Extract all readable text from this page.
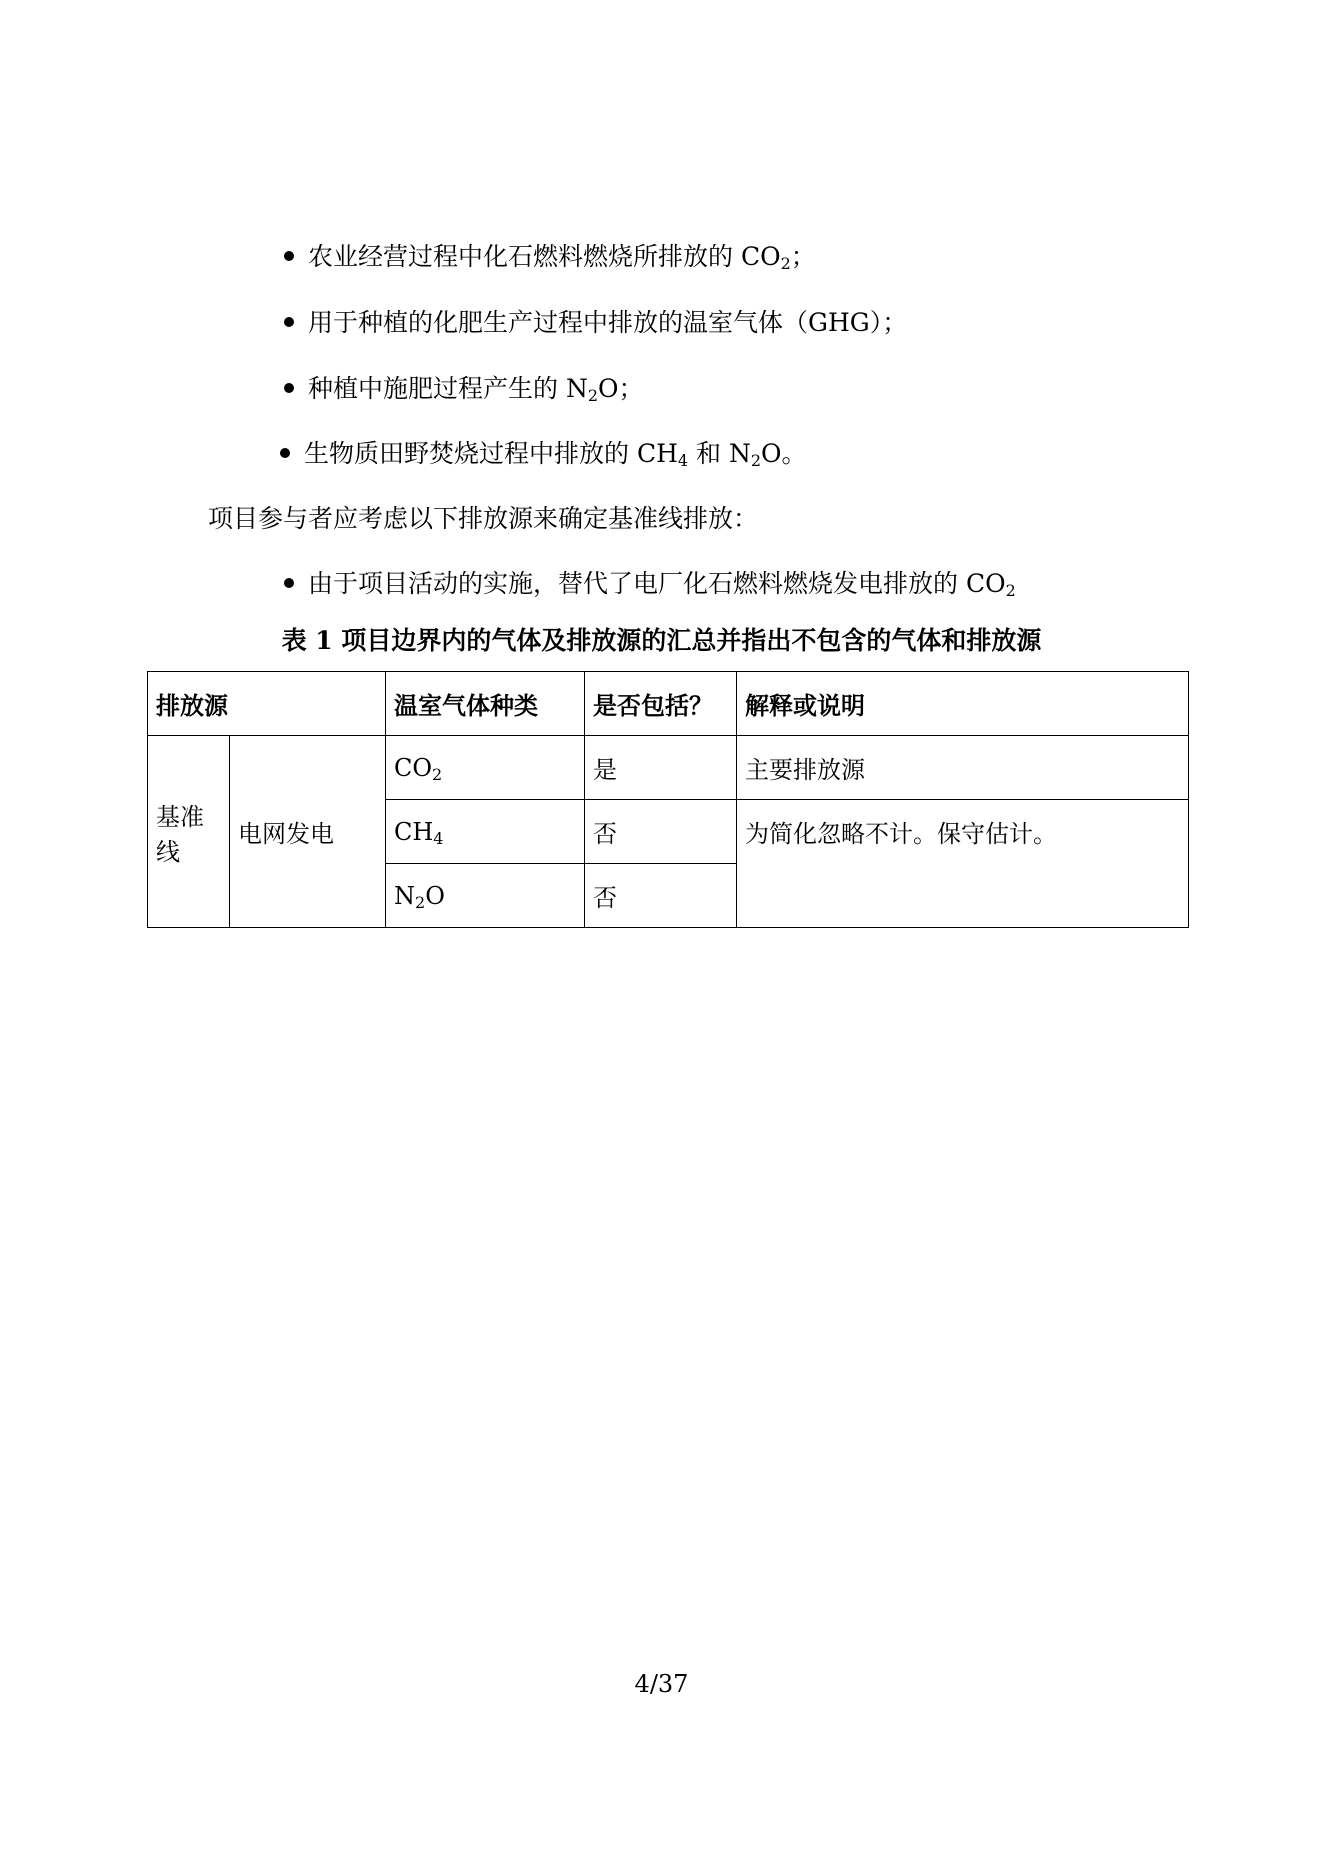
农业经营过程中化石燃料燃烧所排放的 $CO_2$；
用于种植的化肥生产过程中排放的温室气体（GHG）；
种植中施肥过程产生的 $N_2O$；
生物质田野焚烧过程中排放的 $CH_4$ 和 $N_2O$。
项目参与者应考虑以下排放源来确定基准线排放：
由于项目活动的实施，替代了电厂化石燃料燃烧发电排放的 $CO_2$
表 1 项目边界内的气体及排放源的汇总并指出不包含的气体和排放源
排放源		温室气体种类	是否包括？	解释或说明
基准
线	电网发电	$CO_2$	是	主要排放源
		$CH_4$	否	为简化忽略不计。保守估计。
		$N_2O$	否	
4/37
